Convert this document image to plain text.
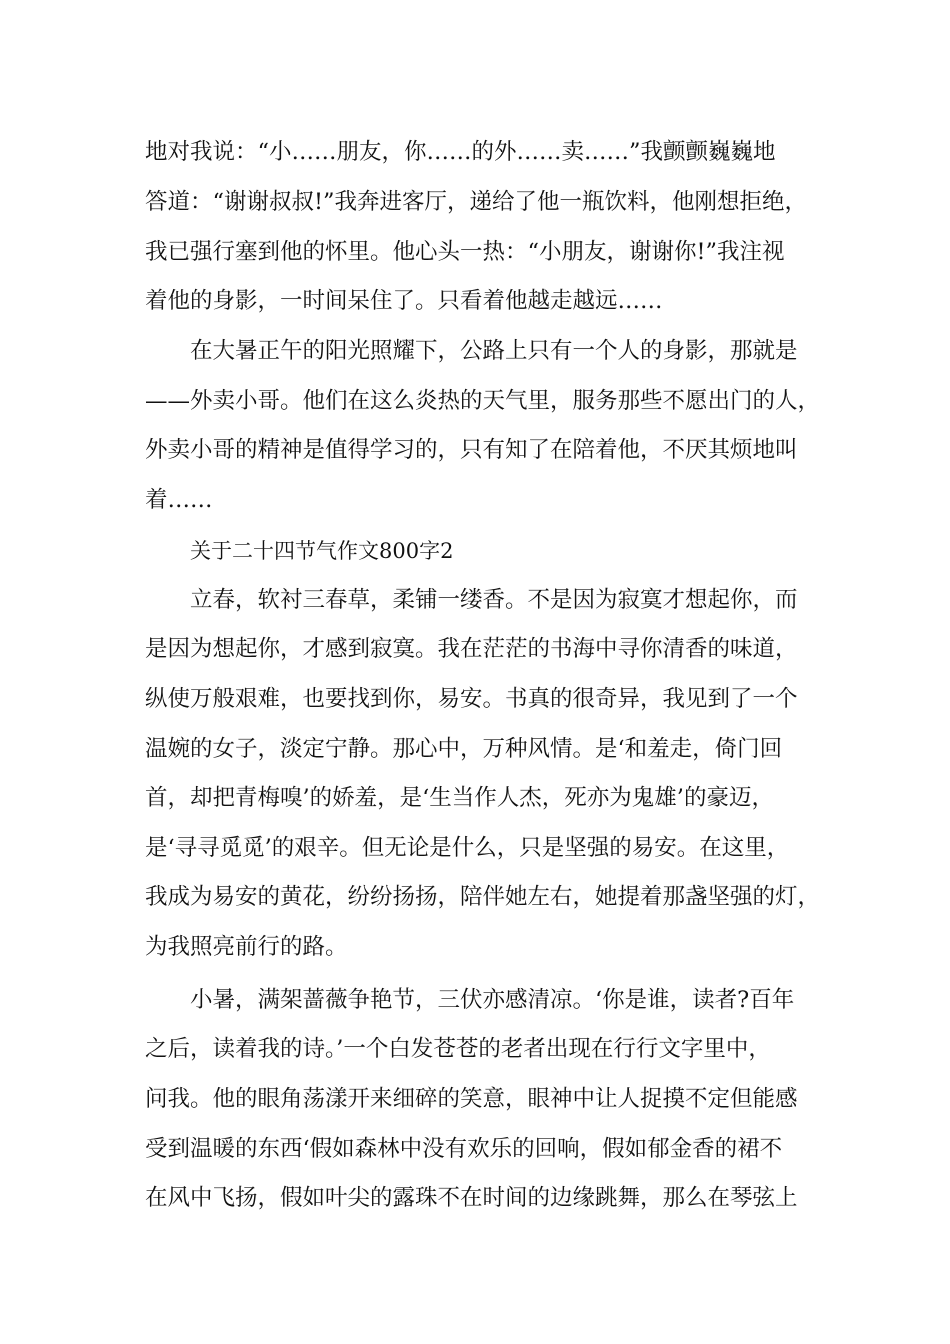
地对我说：“小……朋友，你……的外……卖……”我颤颤巍巍地
答道：“谢谢叔叔!”我奔进客厅，递给了他一瓶饮料，他刚想拒绝，
我已强行塞到他的怀里。他心头一热：“小朋友，谢谢你!”我注视
着他的身影，一时间呆住了。只看着他越走越远……
在大暑正午的阳光照耀下，公路上只有一个人的身影，那就是
——外卖小哥。他们在这么炎热的天气里，服务那些不愿出门的人，
外卖小哥的精神是值得学习的，只有知了在陪着他，不厌其烦地叫
着……
关于二十四节气作文800字2
立春，软衬三春草，柔铺一缕香。不是因为寂寞才想起你，而
是因为想起你，才感到寂寞。我在茫茫的书海中寻你清香的味道，
纵使万般艰难，也要找到你，易安。书真的很奇异，我见到了一个
温婉的女子，淡定宁静。那心中，万种风情。是‘和羞走，倚门回
首，却把青梅嗅’的娇羞，是‘生当作人杰，死亦为鬼雄’的豪迈，
是‘寻寻觅觅’的艰辛。但无论是什么，只是坚强的易安。在这里，
我成为易安的黄花，纷纷扬扬，陪伴她左右，她提着那盏坚强的灯，
为我照亮前行的路。
小暑，满架蔷薇争艳节，三伏亦感清凉。‘你是谁，读者?百年
之后，读着我的诗。’一个白发苍苍的老者出现在行行文字里中，
问我。他的眼角荡漾开来细碎的笑意，眼神中让人捉摸不定但能感
受到温暖的东西‘假如森林中没有欢乐的回响，假如郁金香的裙不
在风中飞扬，假如叶尖的露珠不在时间的边缘跳舞，那么在琴弦上
